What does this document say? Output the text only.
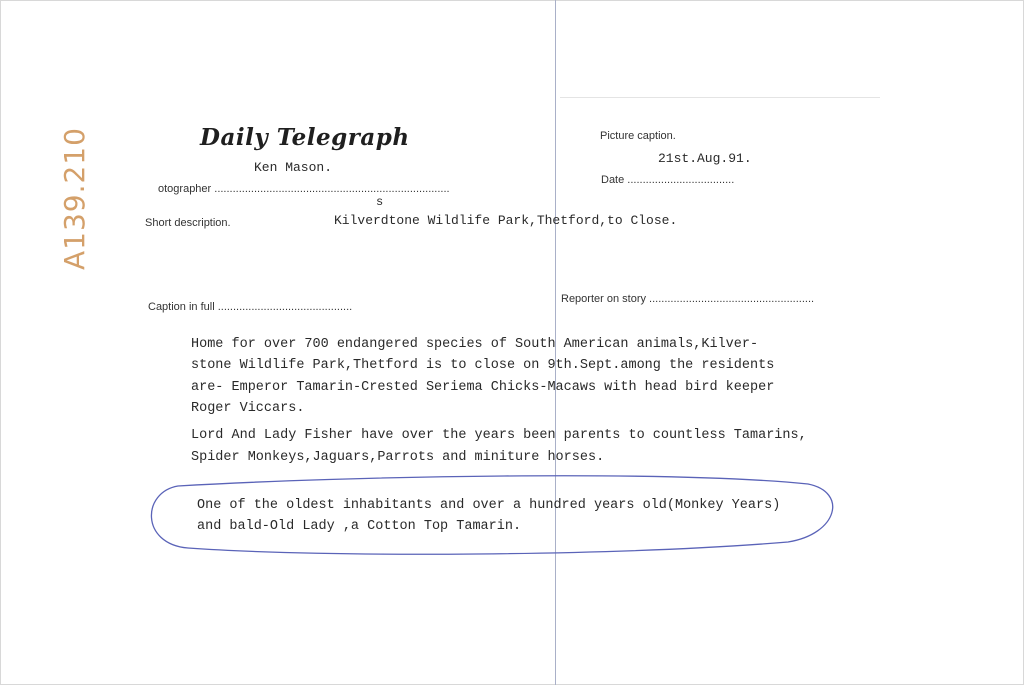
Daily Telegraph
Ken Mason.
otographer .............................................................................
s
Picture caption.
21st.Aug.91.
Date ...................................
Short description.	Kilverdtone Wildlife Park,Thetford,to Close.
Caption in full ............................................
Reporter on story ......................................................
Home for over 700 endangered species of South American animals,Kilver-
stone Wildlife Park,Thetford is to close on 9th.Sept.among the residents
are- Emperor Tamarin-Crested Seriema Chicks-Macaws with head bird keeper
Roger Viccars.
Lord And Lady Fisher have over the years been parents to countless Tamarins,
Spider Monkeys,Jaguars,Parrots and miniture horses.
One of the oldest inhabitants and over a hundred years old(Monkey Years)
and bald-Old Lady ,a Cotton Top Tamarin.
A139.210
